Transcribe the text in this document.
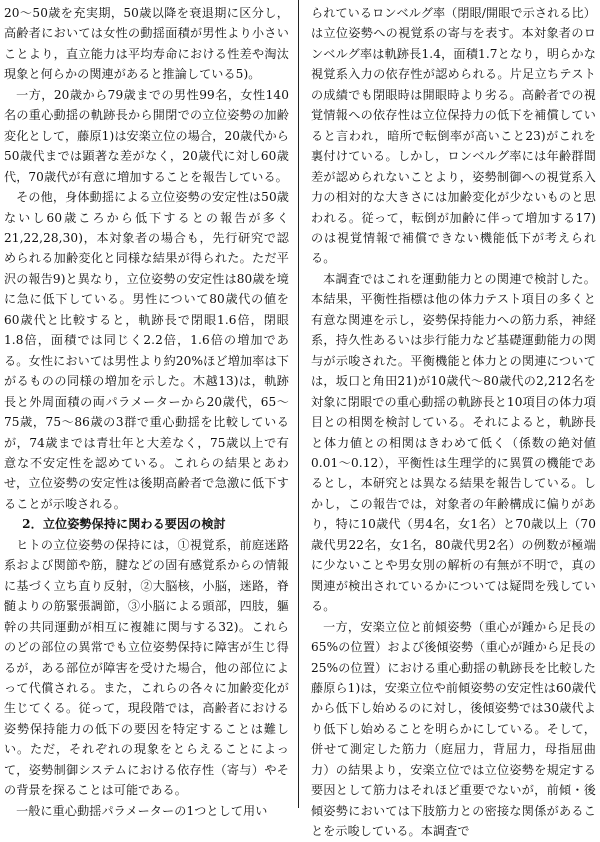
20～50歳を充実期，50歳以降を衰退期に区分し，高齢者においては女性の動揺面積が男性より小さいことより，直立能力は平均寿命における性差や淘汰現象と何らかの関連があると推論している5)。

一方，20歳から79歳までの男性99名，女性140名の重心動揺の軌跡長から開閉での立位姿勢の加齢変化として，藤原1)は安楽立位の場合，20歳代から50歳代までは顕著な差がなく，20歳代に対し60歳代，70歳代が有意に増加することを報告している。

その他，身体動揺による立位姿勢の安定性は50歳ないし60歳ころから低下するとの報告が多く21,22,28,30)，本対象者の場合も，先行研究で認められる加齢変化と同様な結果が得られた。ただ平沢の報告9)と異なり，立位姿勢の安定性は80歳を境に急に低下している。男性について80歳代の値を60歳代と比較すると，軌跡長で閉眼1.6倍，閉眼1.8倍，面積では同じく2.2倍，1.6倍の増加である。女性においては男性より約20%ほど増加率は下がるものの同様の増加を示した。木越13)は，軌跡長と外周面積の両パラメーターから20歳代，65～75歳，75～86歳の3群で重心動揺を比較しているが，74歳までは青壮年と大差なく，75歳以上で有意な不安定性を認めている。これらの結果とあわせ，立位姿勢の安定性は後期高齢者で急激に低下することが示唆される。

2．立位姿勢保持に関わる要因の検討

ヒトの立位姿勢の保持には，①視覚系，前庭迷路系および関節や筋，腱などの固有感覚系からの情報に基づく立ち直り反射，②大脳核，小脳，迷路，脊髄よりの筋緊張調節，③小脳による頭部，四肢，軀幹の共同運動が相互に複雑に関与する32)。これらのどの部位の異常でも立位姿勢保持に障害が生じ得るが，ある部位が障害を受けた場合，他の部位によって代償される。また，これらの各々に加齢変化が生じてくる。従って，現段階では，高齢者における姿勢保持能力の低下の要因を特定することは難しい。ただ，それぞれの現象をとらえることによって，姿勢制御システムにおける依存性（寄与）やその背景を探ることは可能である。

一般に重心動揺パラメーターの1つとして用い

られているロンベルグ率（閉眼/開眼で示される比）は立位姿勢への視覚系の寄与を表す。本対象者のロンベルグ率は軌跡長1.4，面積1.7となり，明らかな視覚系入力の依存性が認められる。片足立ちテストの成績でも閉眼時は開眼時より劣る。高齢者での視覚情報への依存性は立位保持力の低下を補償していると言われ，暗所で転倒率が高いこと23)がこれを裏付けている。しかし，ロンベルグ率には年齢群間差が認められないことより，姿勢制御への視覚系入力の相対的な大きさには加齢変化が少ないものと思われる。従って，転倒が加齢に伴って増加する17)のは視覚情報で補償できない機能低下が考えられる。

本調査ではこれを運動能力との関連で検討した。本結果，平衡性指標は他の体力テスト項目の多くと有意な関連を示し，姿勢保持能力への筋力系，神経系，持久性あるいは歩行能力など基礎運動能力の関与が示唆された。平衡機能と体力との関連については，坂口と角田21)が10歳代～80歳代の2,212名を対象に閉眼での重心動揺の軌跡長と10項目の体力項目との相関を検討している。それによると，軌跡長と体力値との相関はきわめて低く（係数の絶対値0.01～0.12），平衡性は生理学的に異質の機能であるとし，本研究とは異なる結果を報告している。しかし，この報告では，対象者の年齢構成に偏りがあり，特に10歳代（男4名，女1名）と70歳以上（70歳代男22名，女1名，80歳代男2名）の例数が極端に少ないことや男女別の解析の有無が不明で，真の関連が検出されているかについては疑問を残している。

一方，安楽立位と前傾姿勢（重心が踵から足長の65%の位置）および後傾姿勢（重心が踵から足長の25%の位置）における重心動揺の軌跡長を比較した藤原ら1)は，安楽立位や前傾姿勢の安定性は60歳代から低下し始めるのに対し，後傾姿勢では30歳代より低下し始めることを明らかにしている。そして，併せて測定した筋力（庭屈力，背屈力，母指屈曲力）の結果より，安楽立位では立位姿勢を規定する要因として筋力はそれほど重要でないが，前傾・後傾姿勢においては下肢筋力との密接な関係があることを示唆している。本調査で
